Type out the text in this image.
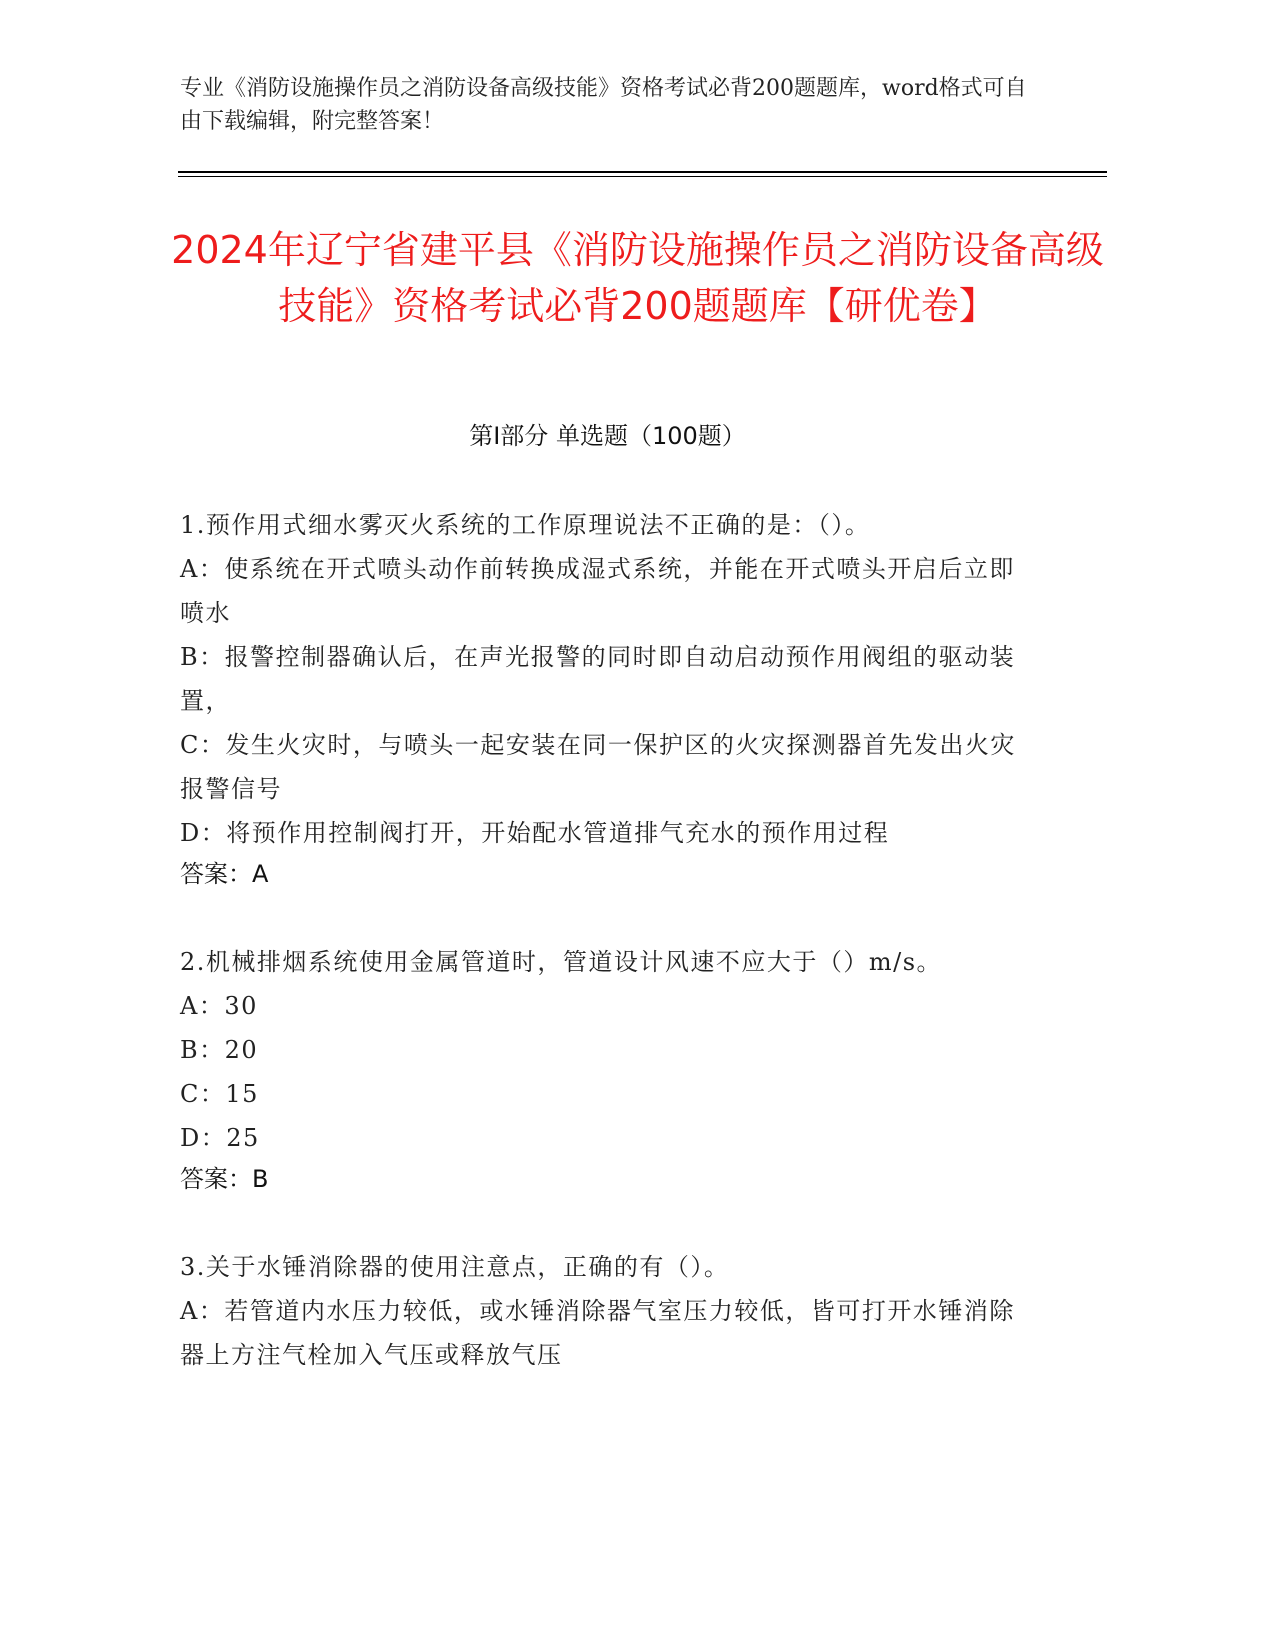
专业《消防设施操作员之消防设备高级技能》资格考试必背200题题库，word格式可自由下载编辑，附完整答案！
2024年辽宁省建平县《消防设施操作员之消防设备高级技能》资格考试必背200题题库【研优卷】
第I部分 单选题（100题）
1.预作用式细水雾灭火系统的工作原理说法不正确的是：（）。
A：使系统在开式喷头动作前转换成湿式系统，并能在开式喷头开启后立即喷水
B：报警控制器确认后，在声光报警的同时即自动启动预作用阀组的驱动装置，
C：发生火灾时，与喷头一起安装在同一保护区的火灾探测器首先发出火灾报警信号
D：将预作用控制阀打开，开始配水管道排气充水的预作用过程
答案：A
2.机械排烟系统使用金属管道时，管道设计风速不应大于（）m/s。
A：30
B：20
C：15
D：25
答案：B
3.关于水锤消除器的使用注意点，正确的有（）。
A：若管道内水压力较低，或水锤消除器气室压力较低，皆可打开水锤消除器上方注气栓加入气压或释放气压
